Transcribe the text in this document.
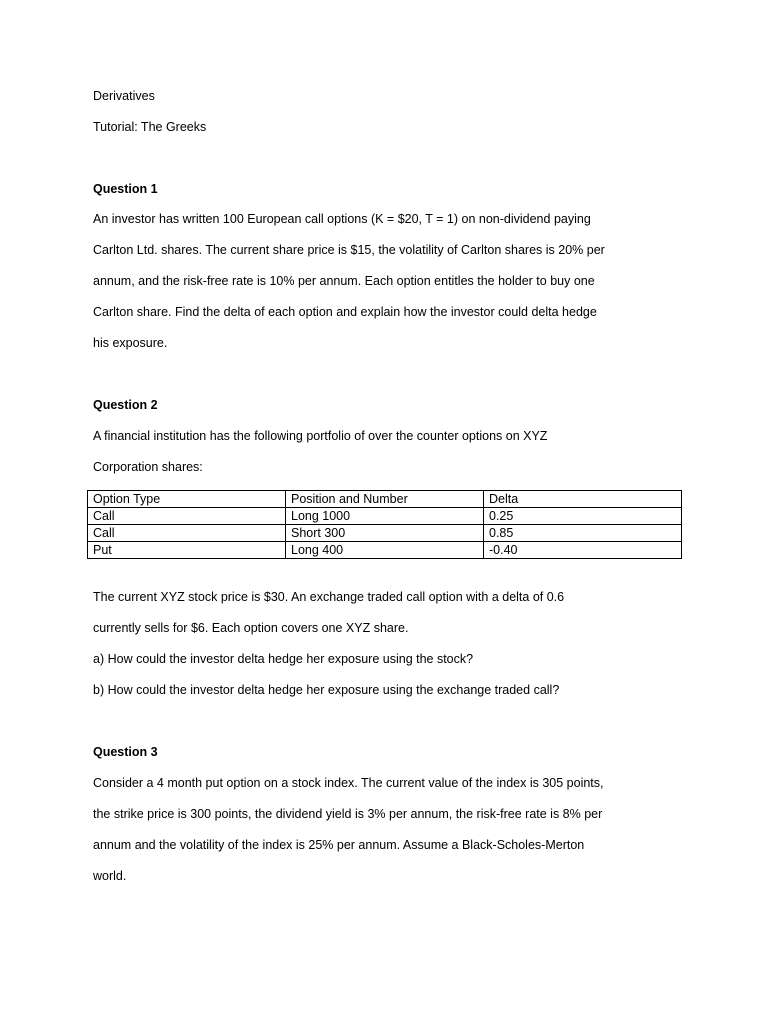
Derivatives
Tutorial: The Greeks
Question 1
An investor has written 100 European call options (K = $20, T = 1) on non-dividend paying
Carlton Ltd. shares. The current share price is $15, the volatility of Carlton shares is 20% per
annum, and the risk-free rate is 10% per annum. Each option entitles the holder to buy one
Carlton share. Find the delta of each option and explain how the investor could delta hedge
his exposure.
Question 2
A financial institution has the following portfolio of over the counter options on XYZ
Corporation shares:
Option Type	Position and Number	Delta
Call	Long 1000	0.25
Call	Short 300	0.85
Put	Long 400	-0.40
The current XYZ stock price is $30. An exchange traded call option with a delta of 0.6
currently sells for $6. Each option covers one XYZ share.
a) How could the investor delta hedge her exposure using the stock?
b) How could the investor delta hedge her exposure using the exchange traded call?
Question 3
Consider a 4 month put option on a stock index. The current value of the index is 305 points,
the strike price is 300 points, the dividend yield is 3% per annum, the risk-free rate is 8% per
annum and the volatility of the index is 25% per annum. Assume a Black-Scholes-Merton
world.
